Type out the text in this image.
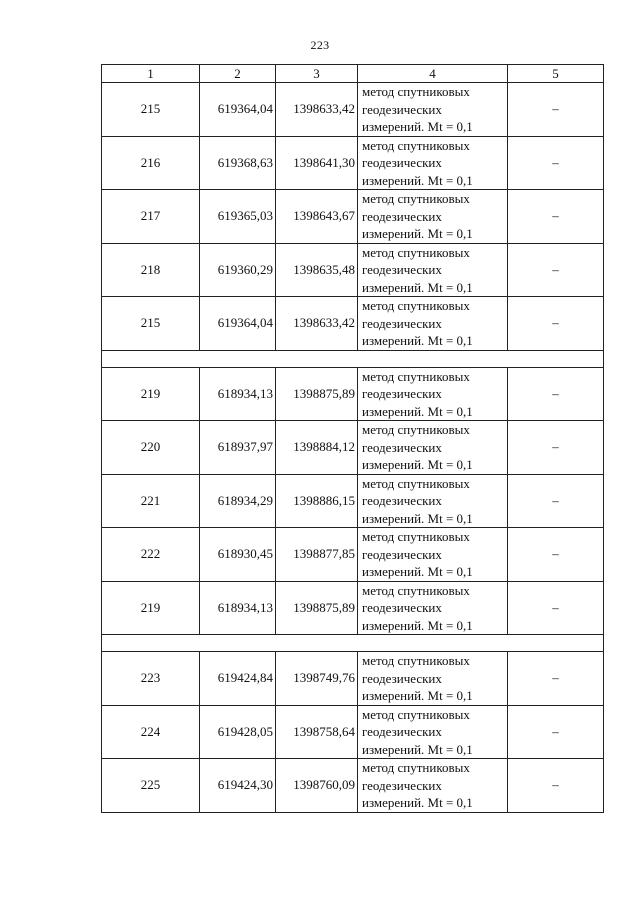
223
1	2	3	4	5
215	619364,04	1398633,42	метод спутниковых
геодезических
измерений. Mt = 0,1	–
216	619368,63	1398641,30	метод спутниковых
геодезических
измерений. Mt = 0,1	–
217	619365,03	1398643,67	метод спутниковых
геодезических
измерений. Mt = 0,1	–
218	619360,29	1398635,48	метод спутниковых
геодезических
измерений. Mt = 0,1	–
215	619364,04	1398633,42	метод спутниковых
геодезических
измерений. Mt = 0,1	–

219	618934,13	1398875,89	метод спутниковых
геодезических
измерений. Mt = 0,1	–
220	618937,97	1398884,12	метод спутниковых
геодезических
измерений. Mt = 0,1	–
221	618934,29	1398886,15	метод спутниковых
геодезических
измерений. Mt = 0,1	–
222	618930,45	1398877,85	метод спутниковых
геодезических
измерений. Mt = 0,1	–
219	618934,13	1398875,89	метод спутниковых
геодезических
измерений. Mt = 0,1	–

223	619424,84	1398749,76	метод спутниковых
геодезических
измерений. Mt = 0,1	–
224	619428,05	1398758,64	метод спутниковых
геодезических
измерений. Mt = 0,1	–
225	619424,30	1398760,09	метод спутниковых
геодезических
измерений. Mt = 0,1	–
